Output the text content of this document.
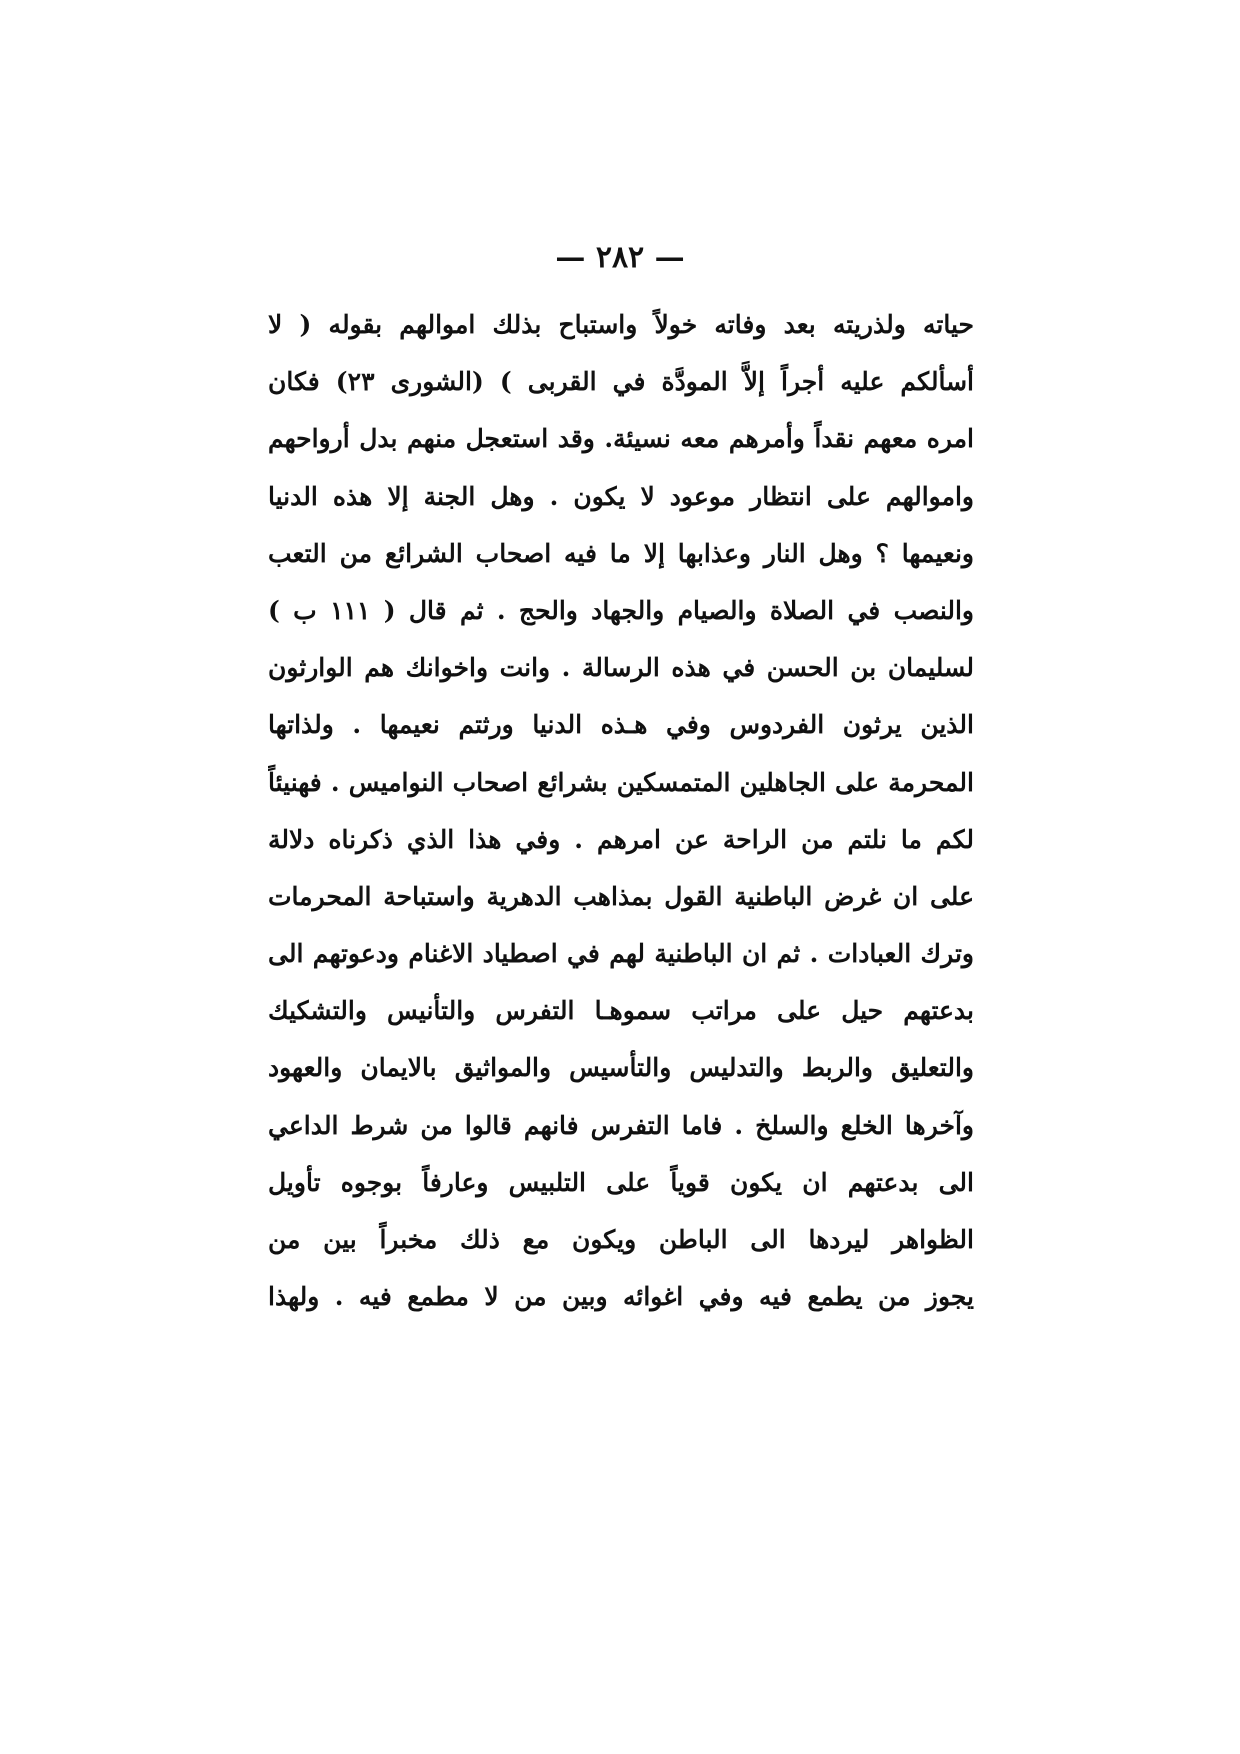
— ٢٨٢ —
حياته ولذريته بعد وفاته خولاً واستباح بذلك اموالهم بقوله ( لا
أسألكم عليه أجراً إلاَّ المودَّة في القربى ) (الشورى ٢٣) فكان
امره معهم نقداً وأمرهم معه نسيئة. وقد استعجل منهم بدل أرواحهم
واموالهم على انتظار موعود لا يكون . وهل الجنة إلا هذه الدنيا
ونعيمها ؟ وهل النار وعذابها إلا ما فيه اصحاب الشرائع من التعب
والنصب في الصلاة والصيام والجهاد والحج . ثم قال ( ١١١ ب )
لسليمان بن الحسن في هذه الرسالة . وانت واخوانك هم الوارثون
الذين يرثون الفردوس وفي هـذه الدنيا ورثتم نعيمها . ولذاتها
المحرمة على الجاهلين المتمسكين بشرائع اصحاب النواميس . فهنيئاً
لكم ما نلتم من الراحة عن امرهم . وفي هذا الذي ذكرناه دلالة
على ان غرض الباطنية القول بمذاهب الدهرية واستباحة المحرمات
وترك العبادات . ثم ان الباطنية لهم في اصطياد الاغنام ودعوتهم الى
بدعتهم حيل على مراتب سموهـا التفرس والتأنيس والتشكيك
والتعليق والربط والتدليس والتأسيس والمواثيق بالايمان والعهود
وآخرها الخلع والسلخ . فاما التفرس فانهم قالوا من شرط الداعي
الى بدعتهم ان يكون قوياً على التلبيس وعارفاً بوجوه تأويل
الظواهر ليردها الى الباطن ويكون مع ذلك مخبراً بين من
يجوز من يطمع فيه وفي اغوائه وبين من لا مطمع فيه . ولهذا
